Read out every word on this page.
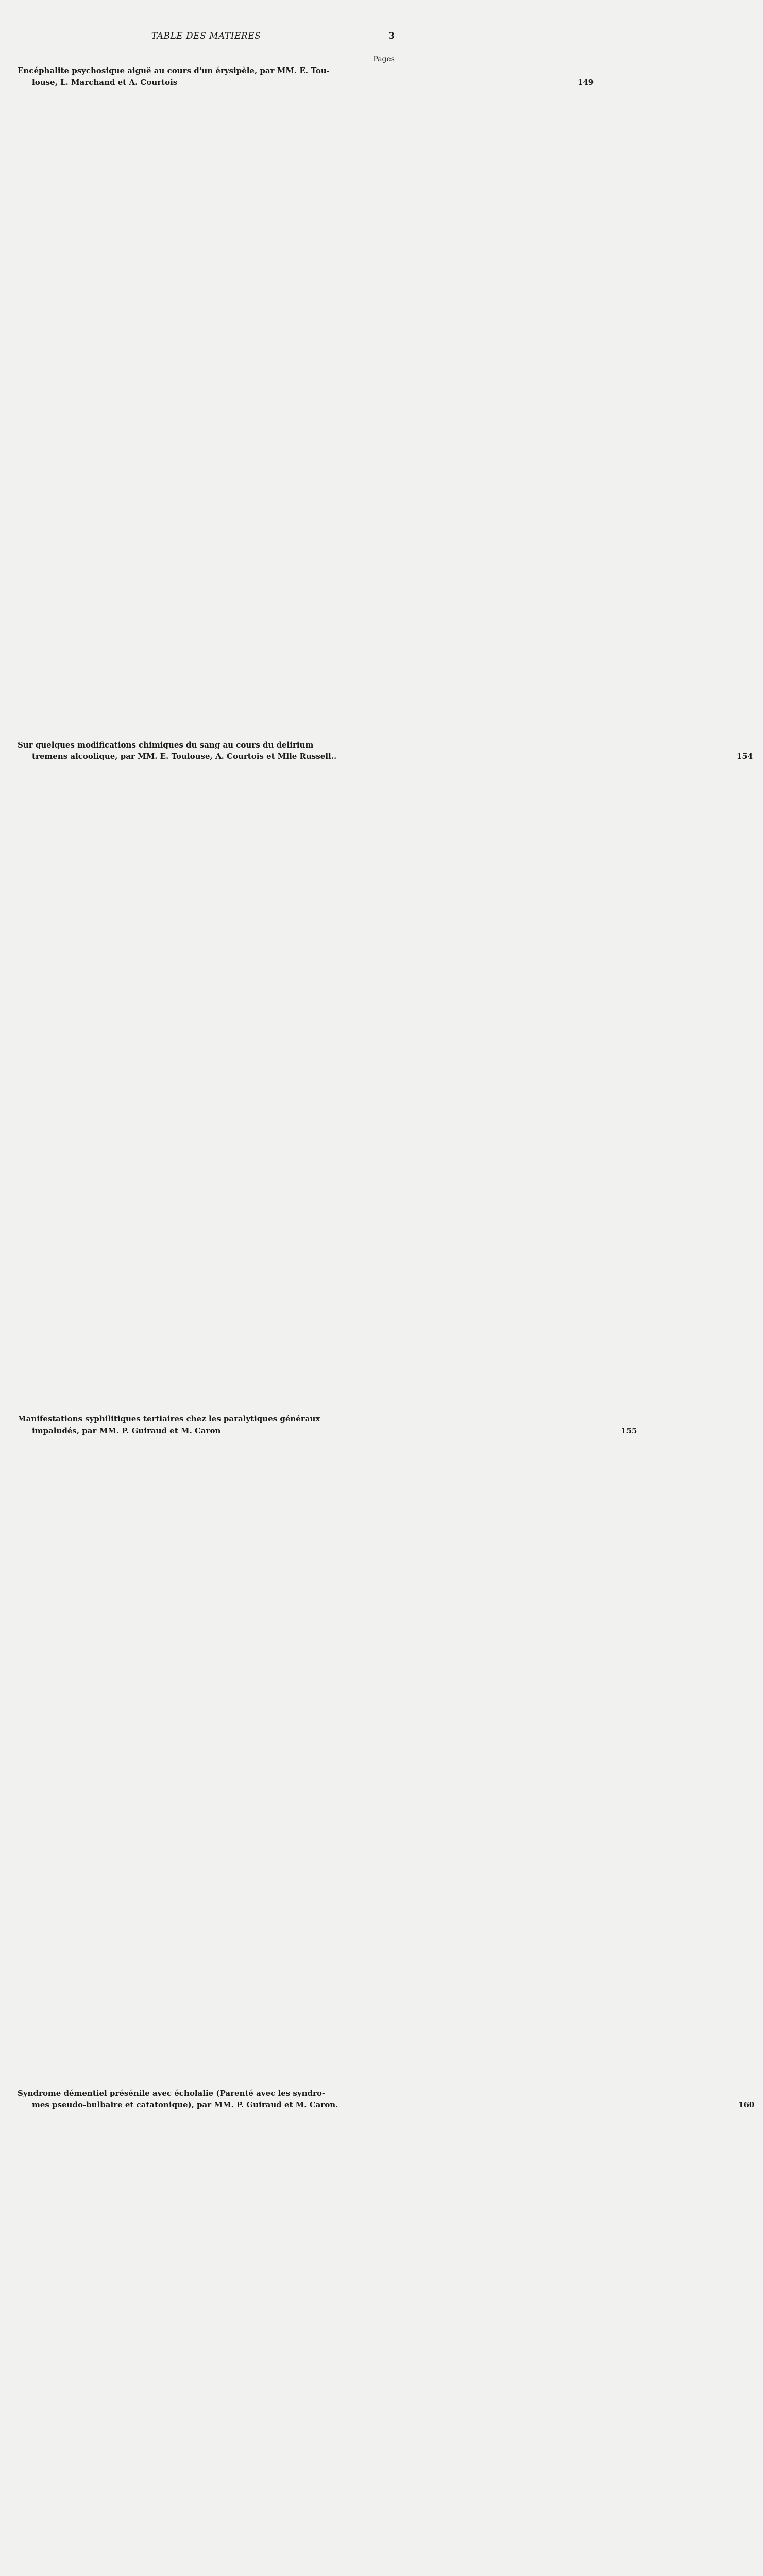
TABLE DES MATIERES	3
Pages
Encéphalite psychosique aiguë au cours d'un érysipèle, par MM. E. Tou-
louse, L. Marchand et A. Courtois	149
Sur quelques modifications chimiques du sang au cours du delirium
tremens alcoolique, par MM. E. Toulouse, A. Courtois et Mlle Russell..	154
Manifestations syphilitiques tertiaires chez les paralytiques généraux
impaludés, par MM. P. Guiraud et M. Caron	155
Syndrome démentiel présénile avec écholalie (Parenté avec les syndro-
mes pseudo-bulbaire et catatonique), par MM. P. Guiraud et M. Caron.	160
